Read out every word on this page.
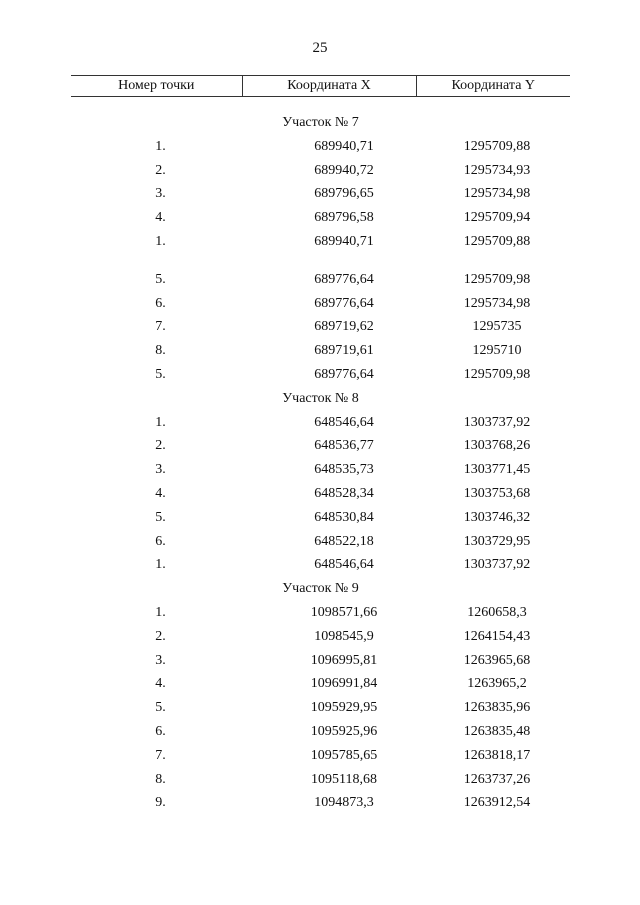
25
Номер точки	Координата X	Координата Y

Участок № 7		
1.	689940,71	1295709,88
2.	689940,72	1295734,93
3.	689796,65	1295734,98
4.	689796,58	1295709,94
1.	689940,71	1295709,88

5.	689776,64	1295709,98
6.	689776,64	1295734,98
7.	689719,62	1295735
8.	689719,61	1295710
5.	689776,64	1295709,98
Участок № 8		
1.	648546,64	1303737,92
2.	648536,77	1303768,26
3.	648535,73	1303771,45
4.	648528,34	1303753,68
5.	648530,84	1303746,32
6.	648522,18	1303729,95
1.	648546,64	1303737,92
Участок № 9		
1.	1098571,66	1260658,3
2.	1098545,9	1264154,43
3.	1096995,81	1263965,68
4.	1096991,84	1263965,2
5.	1095929,95	1263835,96
6.	1095925,96	1263835,48
7.	1095785,65	1263818,17
8.	1095118,68	1263737,26
9.	1094873,3	1263912,54
